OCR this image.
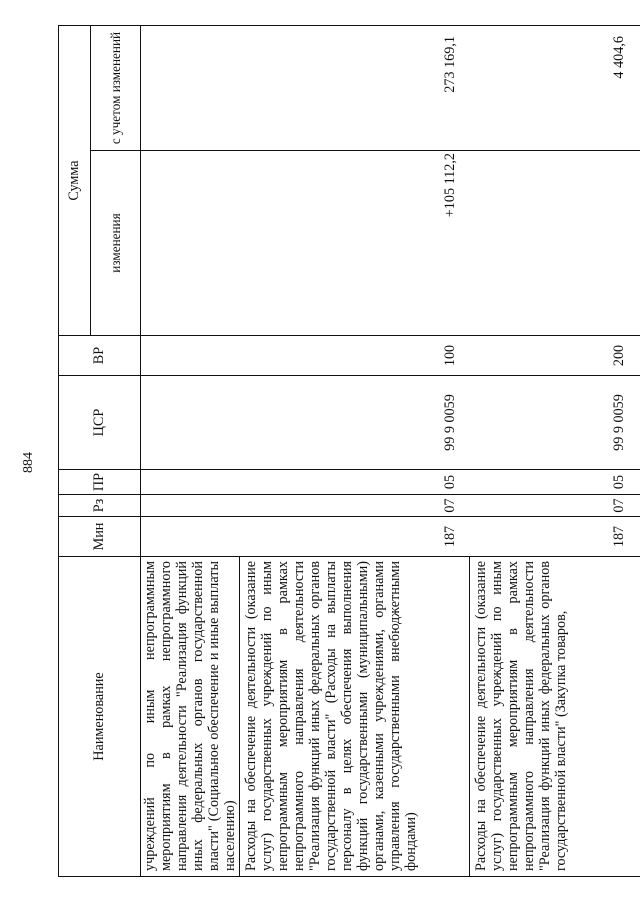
884
Наименование	Мин	Рз	ПР	ЦСР	ВР	Сумма	
						изменения	с учетом изменений
учреждений по иным непрограммным мероприятиям в рамках непрограммного направления деятельности "Реализация функций иных федеральных органов государственной власти" (Социальное обеспечение и иные выплаты населению)							
Расходы на обеспечение деятельности (оказание услуг) государственных учреждений по иным непрограммным мероприятиям в рамках непрограммного направления деятельности "Реализация функций иных федеральных органов государственной власти" (Расходы на выплаты персоналу в целях обеспечения выполнения функций государственными (муниципальными) органами, казенными учреждениями, органами управления государственными внебюджетными фондами)	187	07	05	99 9 0059	100	+105 112,2	273 169,1
Расходы на обеспечение деятельности (оказание услуг) государственных учреждений по иным непрограммным мероприятиям в рамках непрограммного направления деятельности "Реализация функций иных федеральных органов государственной власти" (Закупка товаров,	187	07	05	99 9 0059	200		4 404,6
